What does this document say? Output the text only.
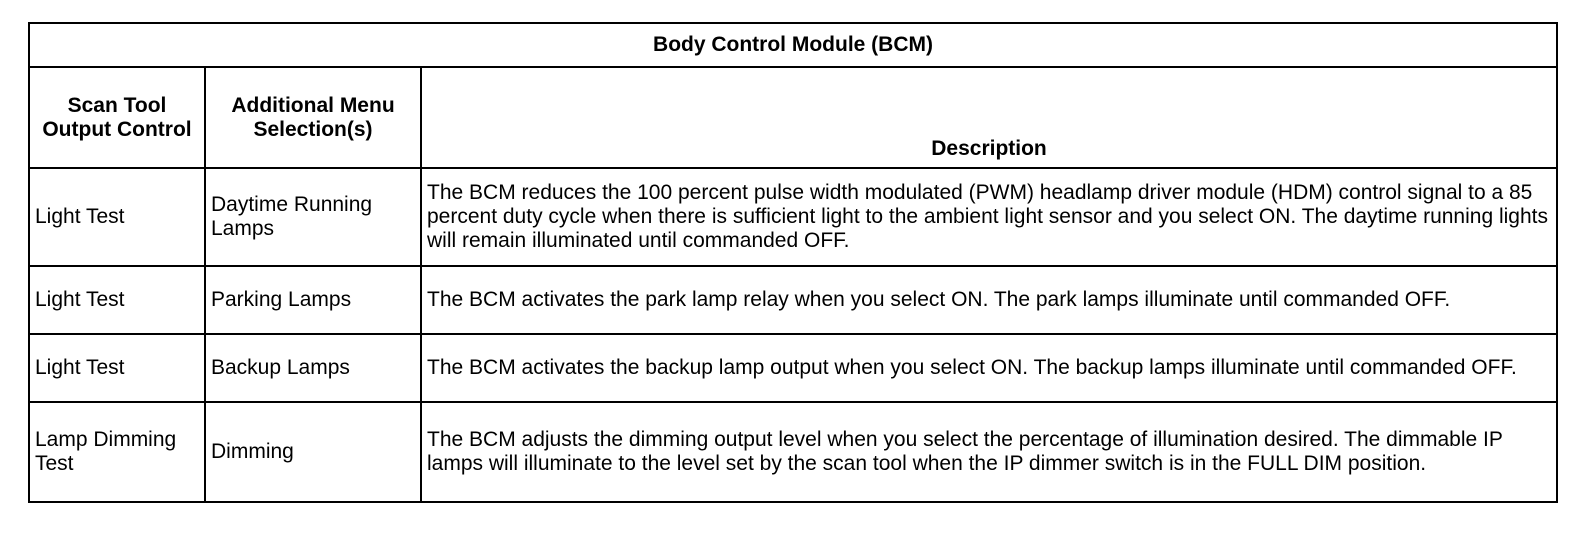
Body Control Module (BCM)		
Scan Tool Output Control	Additional Menu Selection(s)	Description
Light Test	Daytime Running Lamps	The BCM reduces the 100 percent pulse width modulated (PWM) headlamp driver module (HDM) control signal to a 85 percent duty cycle when there is sufficient light to the ambient light sensor and you select ON. The daytime running lights will remain illuminated until commanded OFF.
Light Test	Parking Lamps	The BCM activates the park lamp relay when you select ON. The park lamps illuminate until commanded OFF.
Light Test	Backup Lamps	The BCM activates the backup lamp output when you select ON. The backup lamps illuminate until commanded OFF.
Lamp Dimming Test	Dimming	The BCM adjusts the dimming output level when you select the percentage of illumination desired. The dimmable IP lamps will illuminate to the level set by the scan tool when the IP dimmer switch is in the FULL DIM position.
